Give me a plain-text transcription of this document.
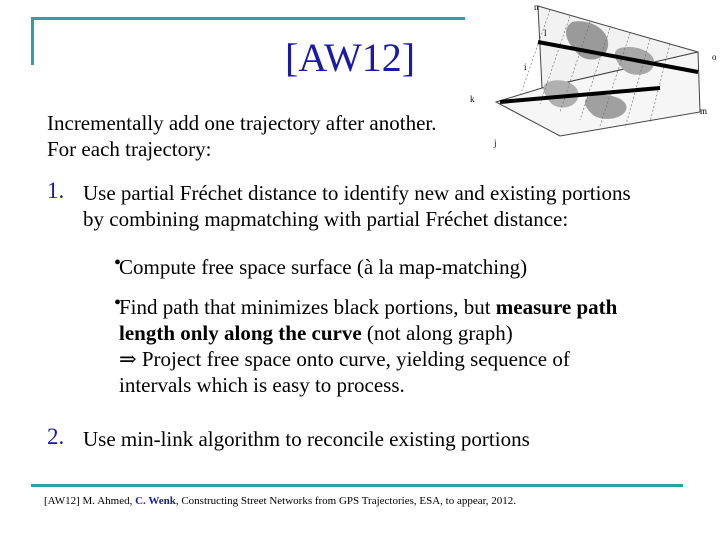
[AW12]
n
l
o
i
k
m
j
Incrementally add one trajectory after another.
For each trajectory:
1. Use partial Fréchet distance to identify new and existing portions
by combining mapmatching with partial Fréchet distance:
•
Compute free space surface (à la map-matching)
•
Find path that minimizes black portions, but measure path
length only along the curve (not along graph)
⇒ Project free space onto curve, yielding sequence of
intervals which is easy to process.
2. Use min-link algorithm to reconcile existing portions
[AW12] M. Ahmed, C. Wenk, Constructing Street Networks from GPS Trajectories, ESA, to appear, 2012.
